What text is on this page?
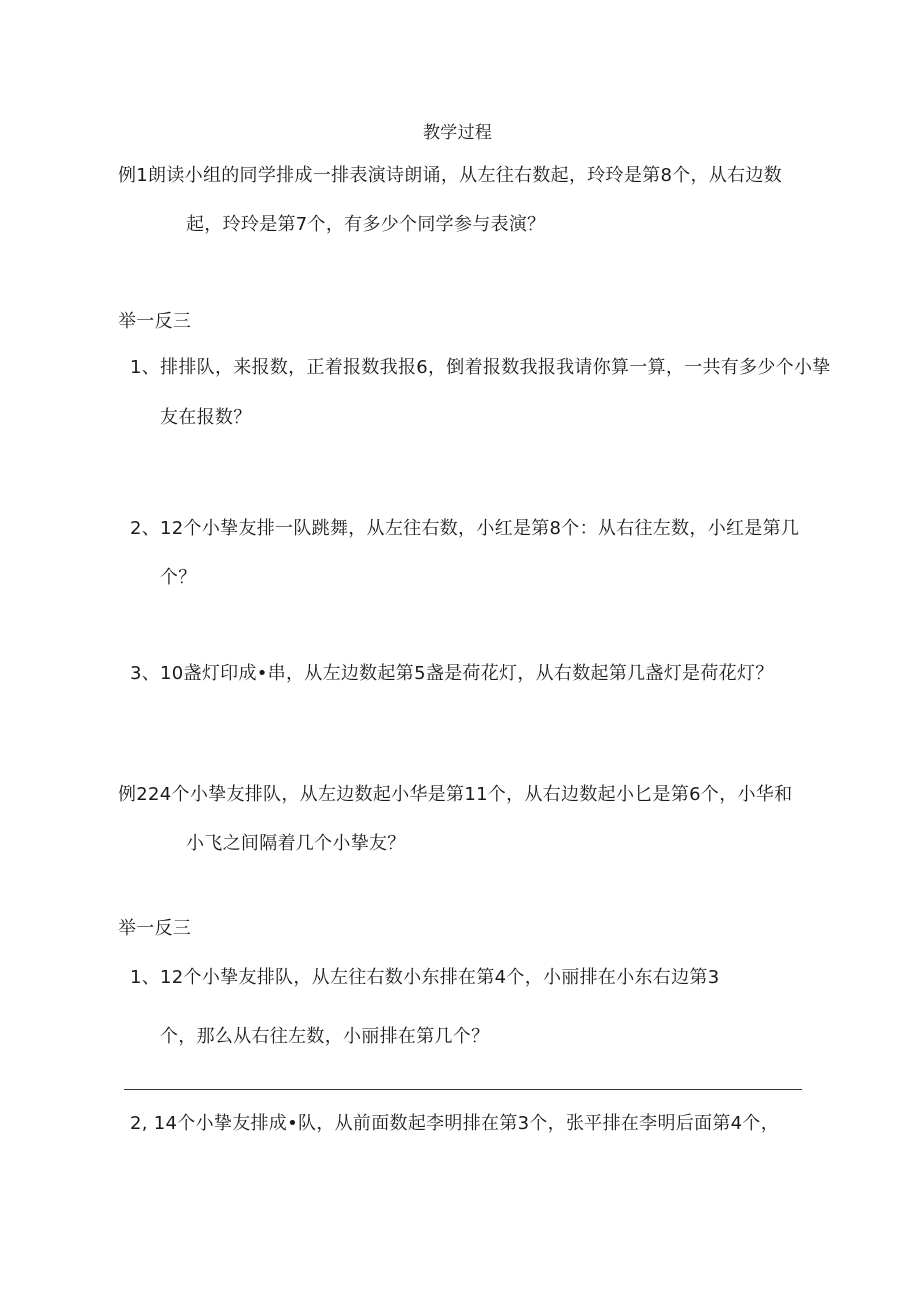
教学过程
例1朗读小组的同学排成一排表演诗朗诵，从左往右数起，玲玲是第8个，从右边数
起，玲玲是第7个，有多少个同学参与表演？
举一反三
1、排排队，来报数，正着报数我报6，倒着报数我报我请你算一算，一共有多少个小挚
友在报数？
2、12个小挚友排一队跳舞，从左往右数，小红是第8个：从右往左数，小红是第几
个？
3、10盏灯印成•串，从左边数起第5盏是荷花灯，从右数起第几盏灯是荷花灯？
例224个小挚友排队，从左边数起小华是第11个，从右边数起小匕是第6个，小华和
小飞之间隔着几个小挚友？
举一反三
1、12个小挚友排队，从左往右数小东排在第4个，小丽排在小东右边第3
个，那么从右往左数，小丽排在第几个？
2, 14个小挚友排成•队，从前面数起李明排在第3个，张平排在李明后面第4个，
